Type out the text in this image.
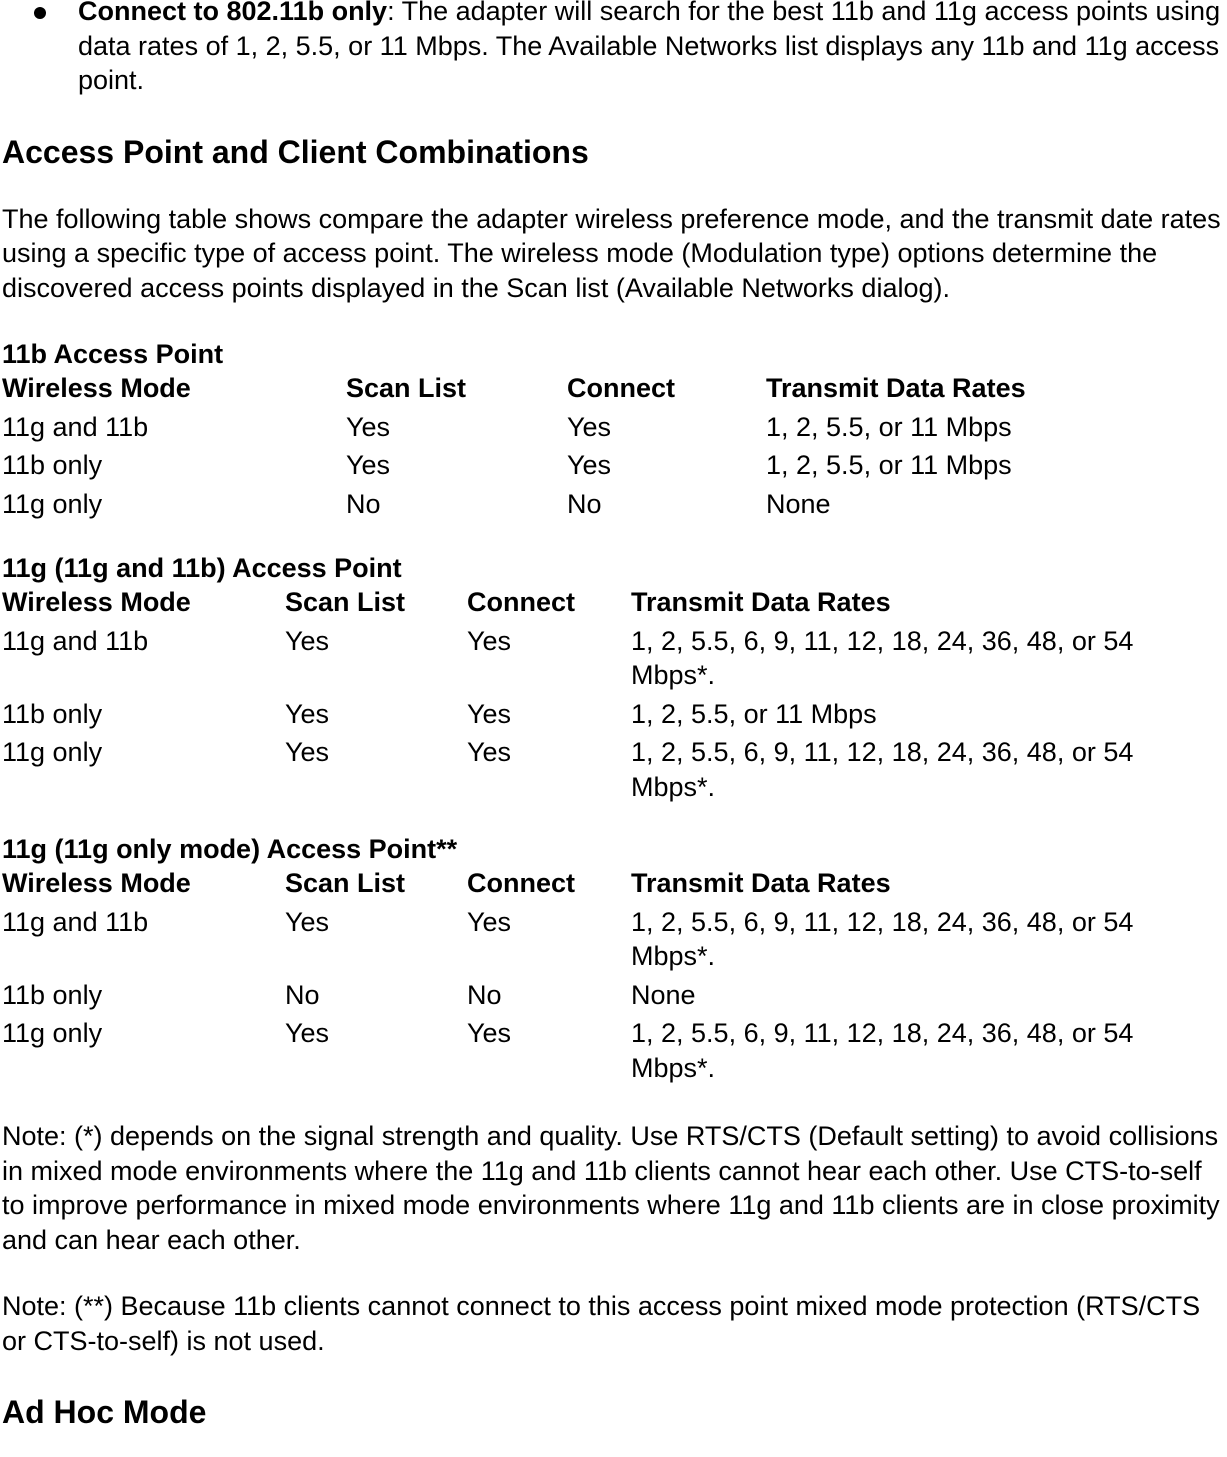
Connect to 802.11b only: The adapter will search for the best 11b and 11g access points using data rates of 1, 2, 5.5, or 11 Mbps. The Available Networks list displays any 11b and 11g access point.
Access Point and Client Combinations

The following table shows compare the adapter wireless preference mode, and the transmit date rates using a specific type of access point. The wireless mode (Modulation type) options determine the discovered access points displayed in the Scan list (Available Networks dialog).

11b Access Point
Wireless Mode	Scan List	Connect	Transmit Data Rates
11g and 11b	Yes	Yes	1, 2, 5.5, or 11 Mbps
11b only	Yes	Yes	1, 2, 5.5, or 11 Mbps
11g only	No	No	None
11g (11g and 11b) Access Point
Wireless Mode	Scan List	Connect	Transmit Data Rates
11g and 11b	Yes	Yes	1, 2, 5.5, 6, 9, 11, 12, 18, 24, 36, 48, or 54 Mbps*.
11b only	Yes	Yes	1, 2, 5.5, or 11 Mbps
11g only	Yes	Yes	1, 2, 5.5, 6, 9, 11, 12, 18, 24, 36, 48, or 54 Mbps*.
11g (11g only mode) Access Point**
Wireless Mode	Scan List	Connect	Transmit Data Rates
11g and 11b	Yes	Yes	1, 2, 5.5, 6, 9, 11, 12, 18, 24, 36, 48, or 54 Mbps*.
11b only	No	No	None
11g only	Yes	Yes	1, 2, 5.5, 6, 9, 11, 12, 18, 24, 36, 48, or 54 Mbps*.

Note: (*) depends on the signal strength and quality. Use RTS/CTS (Default setting) to avoid collisions in mixed mode environments where the 11g and 11b clients cannot hear each other. Use CTS-to-self to improve performance in mixed mode environments where 11g and 11b clients are in close proximity and can hear each other.

Note: (**) Because 11b clients cannot connect to this access point mixed mode protection (RTS/CTS or CTS-to-self) is not used.

Ad Hoc Mode
